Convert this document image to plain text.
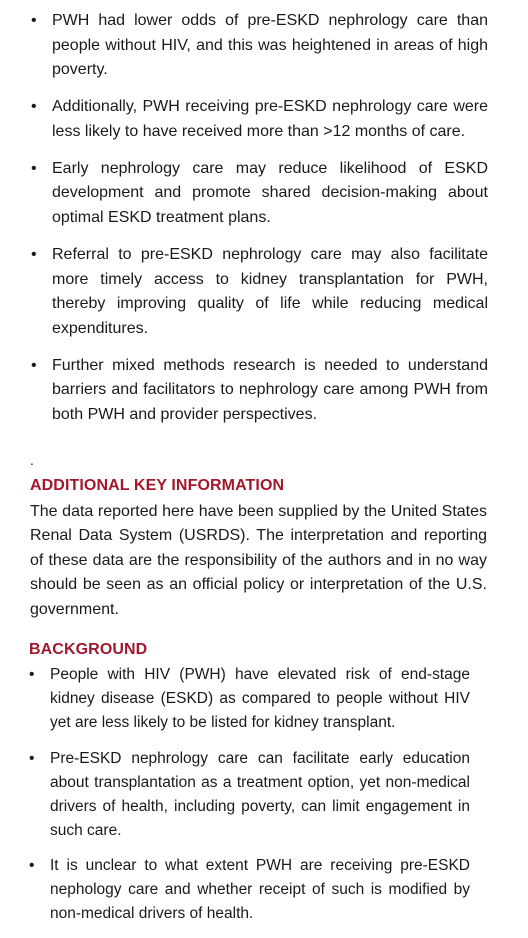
• PWH had lower odds of pre-ESKD nephrology care than people without HIV, and this was heightened in areas of high poverty.
• Additionally, PWH receiving pre-ESKD nephrology care were less likely to have received more than >12 months of care.
• Early nephrology care may reduce likelihood of ESKD development and promote shared decision-making about optimal ESKD treatment plans.
• Referral to pre-ESKD nephrology care may also facilitate more timely access to kidney transplantation for PWH, thereby improving quality of life while reducing medical expenditures.
• Further mixed methods research is needed to understand barriers and facilitators to nephrology care among PWH from both PWH and provider perspectives.
.
ADDITIONAL KEY INFORMATION

The data reported here have been supplied by the United States Renal Data System (USRDS). The interpretation and reporting of these data are the responsibility of the authors and in no way should be seen as an official policy or interpretation of the U.S. government.

BACKGROUND
• People with HIV (PWH) have elevated risk of end-stage kidney disease (ESKD) as compared to people without HIV yet are less likely to be listed for kidney transplant.
• Pre-ESKD nephrology care can facilitate early education about transplantation as a treatment option, yet non-medical drivers of health, including poverty, can limit engagement in such care.
• It is unclear to what extent PWH are receiving pre-ESKD nephology care and whether receipt of such is modified by non-medical drivers of health.
